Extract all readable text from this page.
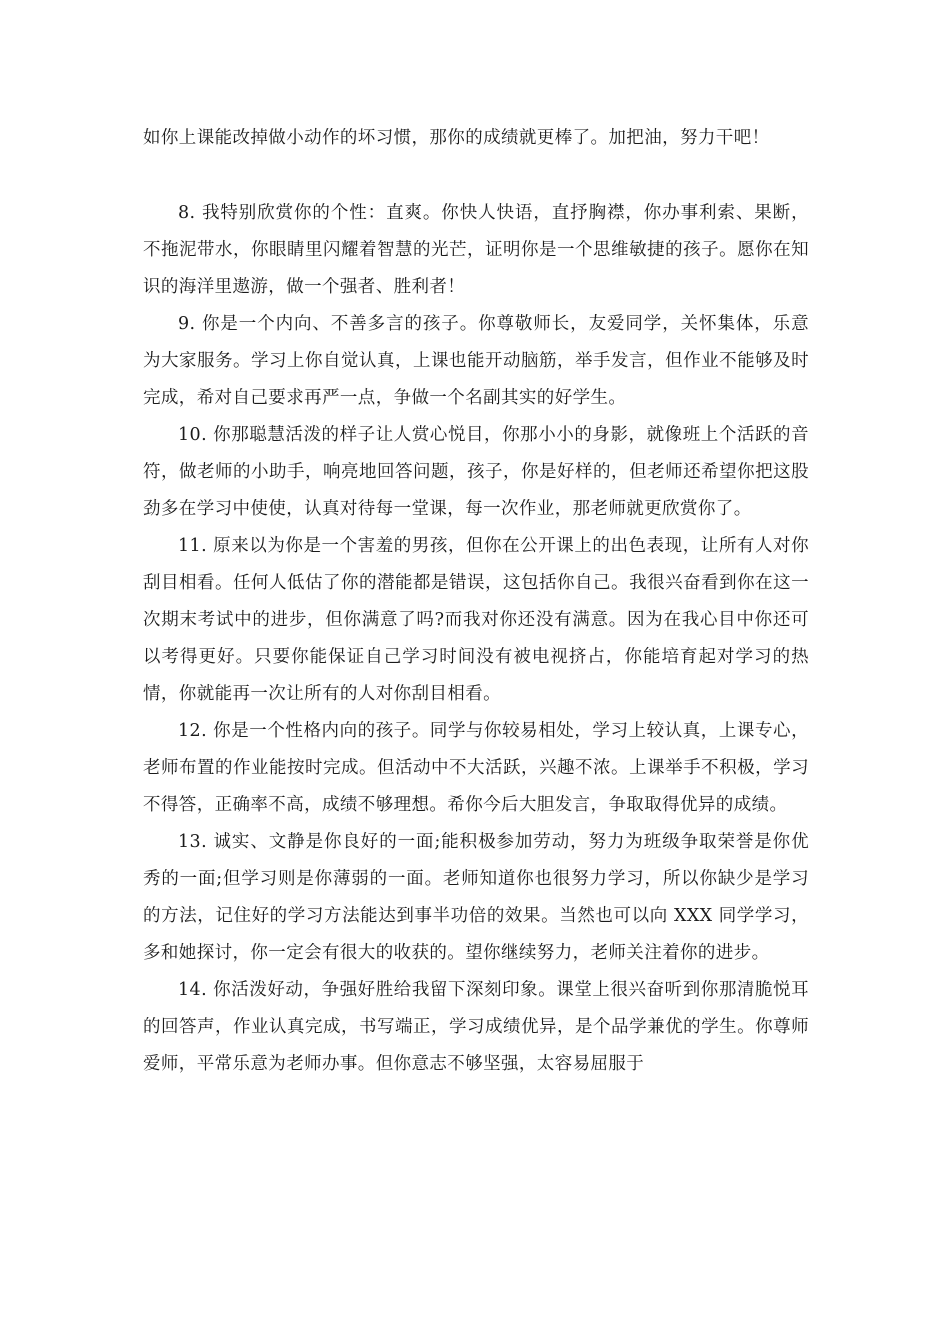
如你上课能改掉做小动作的坏习惯，那你的成绩就更棒了。加把油，努力干吧！

8. 我特别欣赏你的个性：直爽。你快人快语，直抒胸襟，你办事利索、果断，不拖泥带水，你眼睛里闪耀着智慧的光芒，证明你是一个思维敏捷的孩子。愿你在知识的海洋里遨游，做一个强者、胜利者！

9. 你是一个内向、不善多言的孩子。你尊敬师长，友爱同学，关怀集体，乐意为大家服务。学习上你自觉认真，上课也能开动脑筋，举手发言，但作业不能够及时完成，希对自己要求再严一点，争做一个名副其实的好学生。

10. 你那聪慧活泼的样子让人赏心悦目，你那小小的身影，就像班上个活跃的音符，做老师的小助手，响亮地回答问题，孩子，你是好样的，但老师还希望你把这股劲多在学习中使使，认真对待每一堂课，每一次作业，那老师就更欣赏你了。

11. 原来以为你是一个害羞的男孩，但你在公开课上的出色表现，让所有人对你刮目相看。任何人低估了你的潜能都是错误，这包括你自己。我很兴奋看到你在这一次期末考试中的进步，但你满意了吗?而我对你还没有满意。因为在我心目中你还可以考得更好。只要你能保证自己学习时间没有被电视挤占，你能培育起对学习的热情，你就能再一次让所有的人对你刮目相看。

12. 你是一个性格内向的孩子。同学与你较易相处，学习上较认真，上课专心，老师布置的作业能按时完成。但活动中不大活跃，兴趣不浓。上课举手不积极，学习不得答，正确率不高，成绩不够理想。希你今后大胆发言，争取取得优异的成绩。

13. 诚实、文静是你良好的一面;能积极参加劳动，努力为班级争取荣誉是你优秀的一面;但学习则是你薄弱的一面。老师知道你也很努力学习，所以你缺少是学习的方法，记住好的学习方法能达到事半功倍的效果。当然也可以向 XXX 同学学习，多和她探讨，你一定会有很大的收获的。望你继续努力，老师关注着你的进步。

14. 你活泼好动，争强好胜给我留下深刻印象。课堂上很兴奋听到你那清脆悦耳的回答声，作业认真完成，书写端正，学习成绩优异，是个品学兼优的学生。你尊师爱师，平常乐意为老师办事。但你意志不够坚强，太容易屈服于
